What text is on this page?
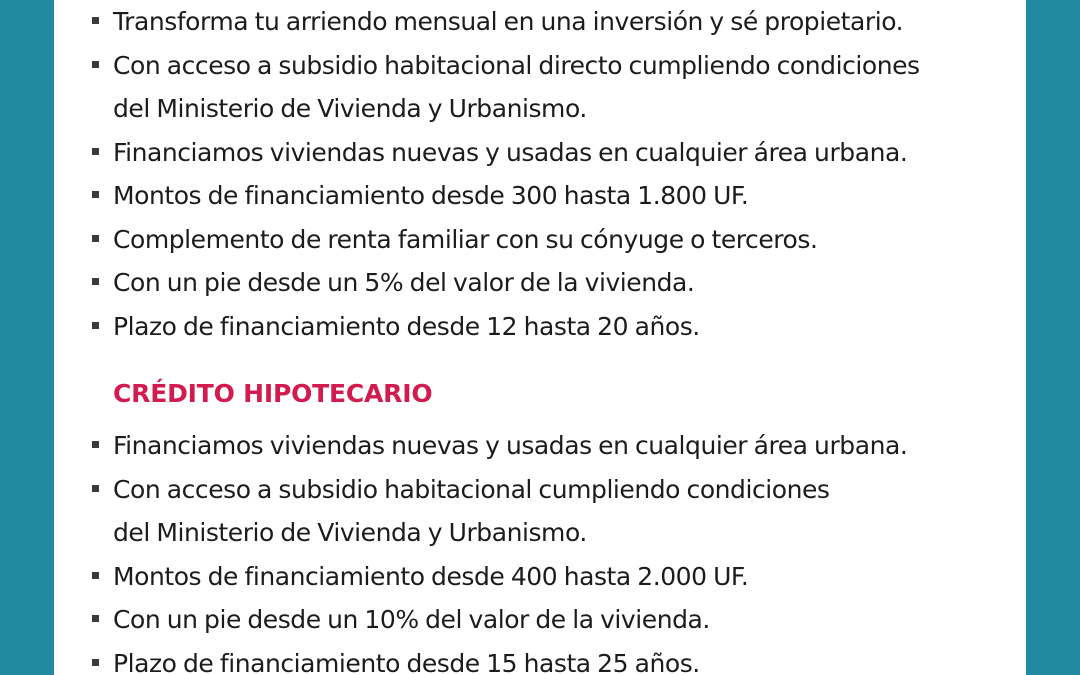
Transforma tu arriendo mensual en una inversión y sé propietario.
Con acceso a subsidio habitacional directo cumpliendo condiciones
del Ministerio de Vivienda y Urbanismo.
Financiamos viviendas nuevas y usadas en cualquier área urbana.
Montos de financiamiento desde 300 hasta 1.800 UF.
Complemento de renta familiar con su cónyuge o terceros.
Con un pie desde un 5% del valor de la vivienda.
Plazo de financiamiento desde 12 hasta 20 años.
CRÉDITO HIPOTECARIO
Financiamos viviendas nuevas y usadas en cualquier área urbana.
Con acceso a subsidio habitacional cumpliendo condiciones
del Ministerio de Vivienda y Urbanismo.
Montos de financiamiento desde 400 hasta 2.000 UF.
Con un pie desde un 10% del valor de la vivienda.
Plazo de financiamiento desde 15 hasta 25 años.
